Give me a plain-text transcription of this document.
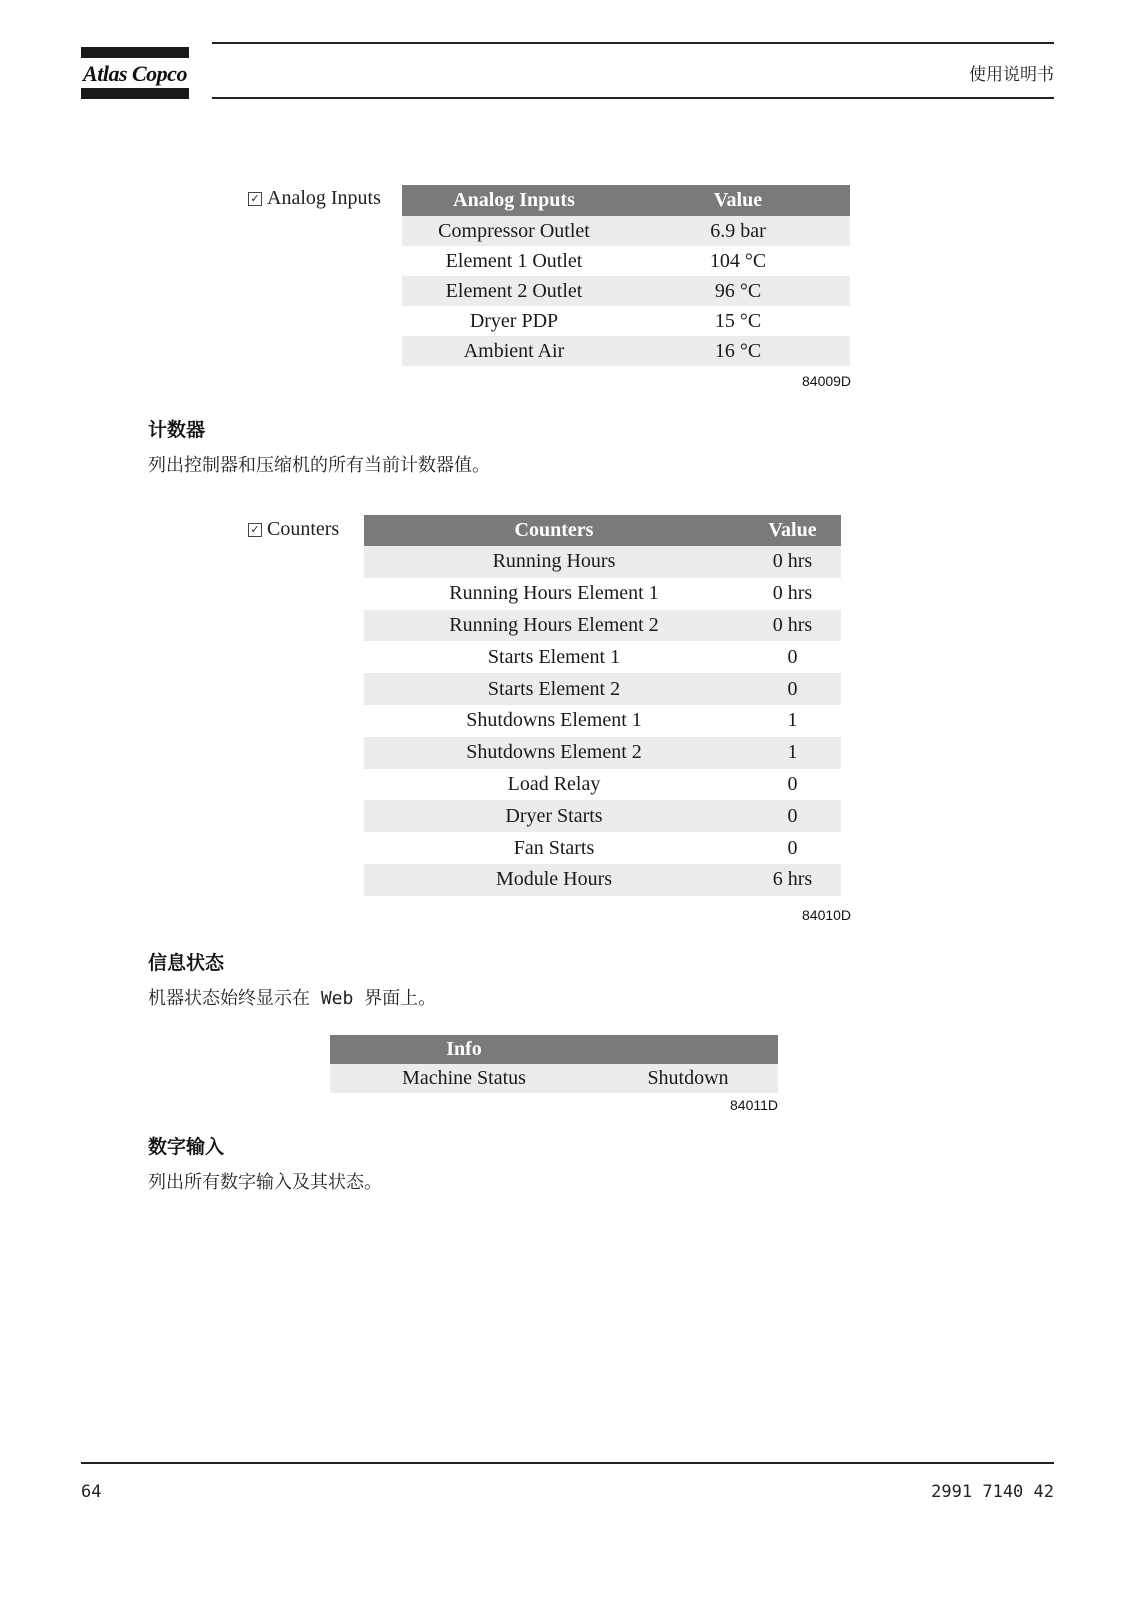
Atlas Copco	使用说明书
✓ Analog Inputs	Analog Inputs	Value
Compressor Outlet	6.9 bar
Element 1 Outlet	104 °C
Element 2 Outlet	96 °C
Dryer PDP	15 °C
Ambient Air	16 °C
84009D
计数器
列出控制器和压缩机的所有当前计数器值。
✓ Counters	Counters	Value
Running Hours	0 hrs
Running Hours Element 1	0 hrs
Running Hours Element 2	0 hrs
Starts Element 1	0
Starts Element 2	0
Shutdowns Element 1	1
Shutdowns Element 2	1
Load Relay	0
Dryer Starts	0
Fan Starts	0
Module Hours	6 hrs
84010D
信息状态
机器状态始终显示在 Web 界面上。
Info	
Machine Status	Shutdown
84011D
数字输入
列出所有数字输入及其状态。
64	2991 7140 42
